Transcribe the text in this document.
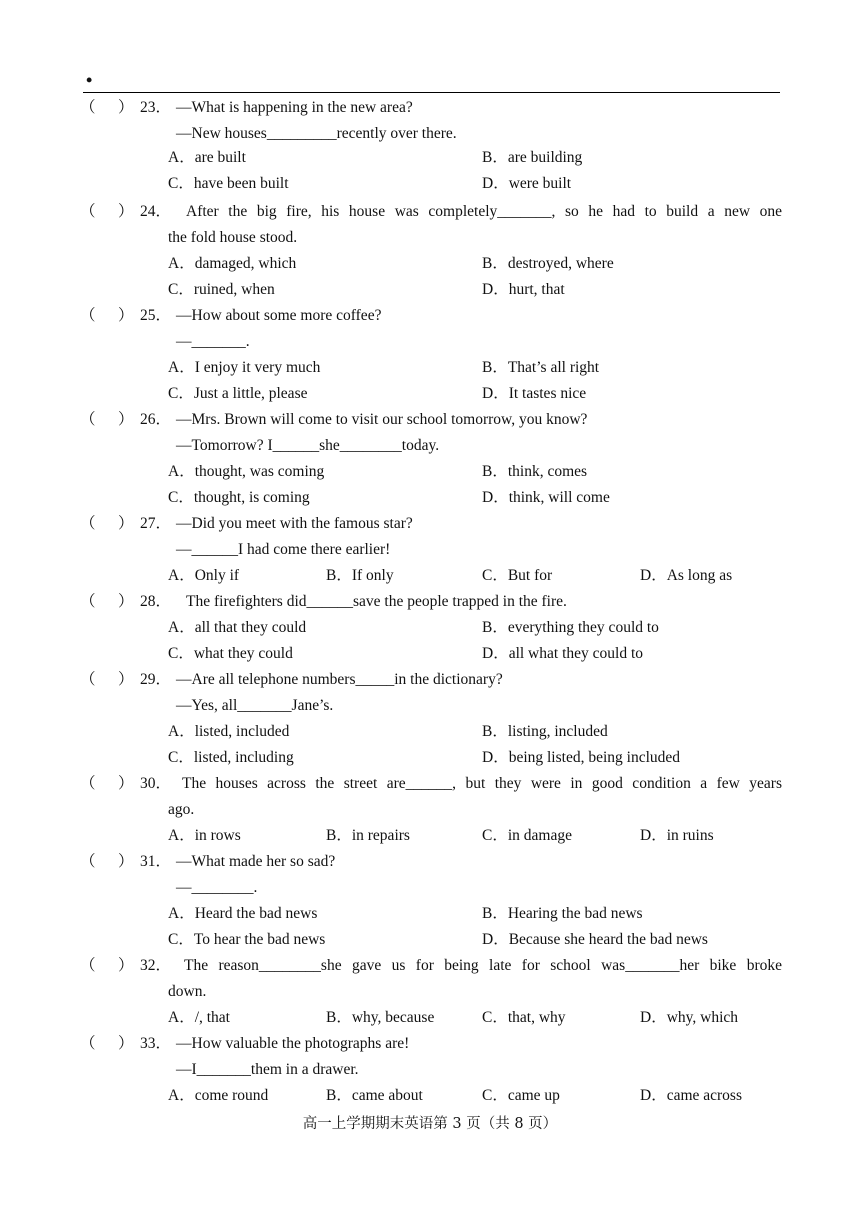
•
（ ） 23． —What is happening in the new area?
—New houses_________recently over there.
A．are built	B．are building
C．have been built	D．were built
（ ） 24． After the big fire, his house was completely_______, so he had to build a new one
the fold house stood.
A．damaged, which	B．destroyed, where
C．ruined, when	D．hurt, that
（ ） 25． —How about some more coffee?
—_______.
A．I enjoy it very much	B．That’s all right
C．Just a little, please	D．It tastes nice
（ ） 26． —Mrs. Brown will come to visit our school tomorrow, you know?
—Tomorrow? I______she________today.
A．thought, was coming	B．think, comes
C．thought, is coming	D．think, will come
（ ） 27． —Did you meet with the famous star?
—______I had come there earlier!
A．Only if	B．If only	C．But for	D．As long as
（ ） 28． The firefighters did______save the people trapped in the fire.
A．all that they could	B．everything they could to
C．what they could	D．all what they could to
（ ） 29． —Are all telephone numbers_____in the dictionary?
—Yes, all_______Jane’s.
A．listed, included	B．listing, included
C．listed, including	D．being listed, being included
（ ） 30． The houses across the street are______, but they were in good condition a few years
ago.
A．in rows	B．in repairs	C．in damage	D．in ruins
（ ） 31． —What made her so sad?
—________.
A．Heard the bad news	B．Hearing the bad news
C．To hear the bad news	D．Because she heard the bad news
（ ） 32． The reason________she gave us for being late for school was_______her bike broke
down.
A．/, that	B．why, because	C．that, why	D．why, which
（ ） 33． —How valuable the photographs are!
—I_______them in a drawer.
A．come round	B．came about	C．came up	D．came across
高一上学期期末英语第 3 页（共 8 页）
